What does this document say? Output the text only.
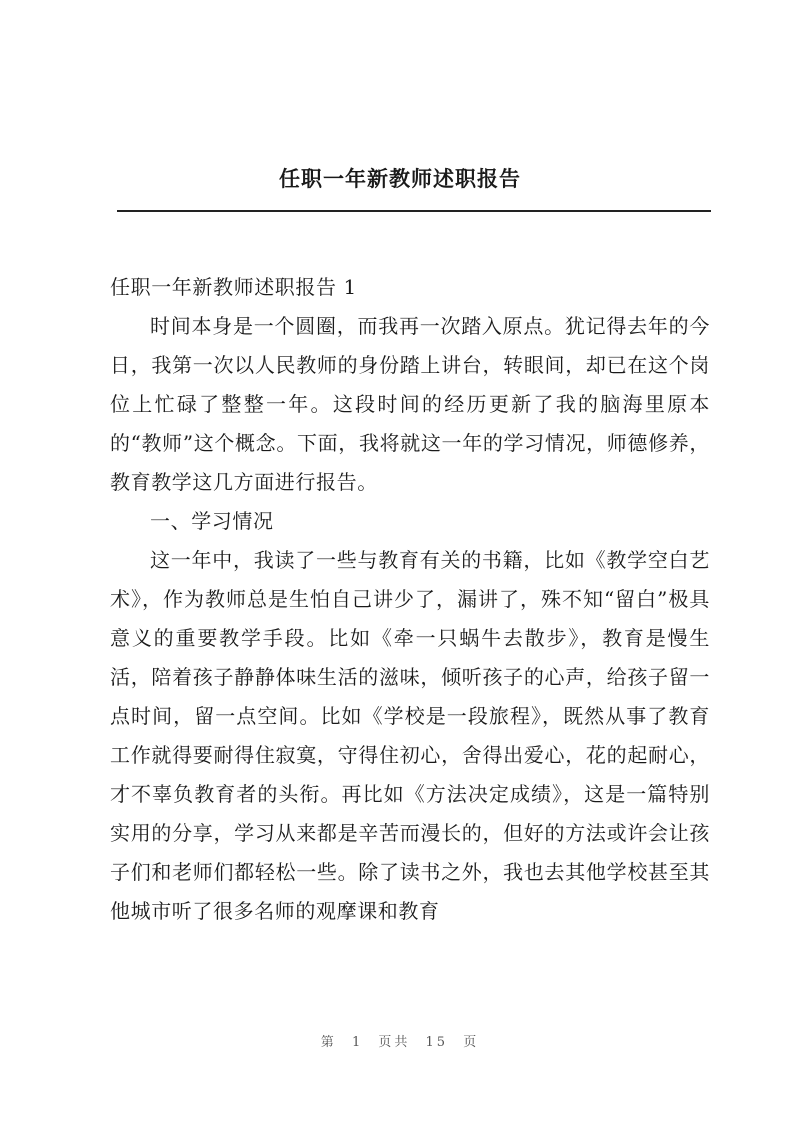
任职一年新教师述职报告

任职一年新教师述职报告 1

时间本身是一个圆圈，而我再一次踏入原点。犹记得去年的今日，我第一次以人民教师的身份踏上讲台，转眼间，却已在这个岗位上忙碌了整整一年。这段时间的经历更新了我的脑海里原本的“教师”这个概念。下面，我将就这一年的学习情况，师德修养，教育教学这几方面进行报告。

一、学习情况

这一年中，我读了一些与教育有关的书籍，比如《教学空白艺术》，作为教师总是生怕自己讲少了，漏讲了，殊不知“留白”极具意义的重要教学手段。比如《牵一只蜗牛去散步》，教育是慢生活，陪着孩子静静体味生活的滋味，倾听孩子的心声，给孩子留一点时间，留一点空间。比如《学校是一段旅程》，既然从事了教育工作就得要耐得住寂寞，守得住初心，舍得出爱心，花的起耐心，才不辜负教育者的头衔。再比如《方法决定成绩》，这是一篇特别实用的分享，学习从来都是辛苦而漫长的，但好的方法或许会让孩子们和老师们都轻松一些。除了读书之外，我也去其他学校甚至其他城市听了很多名师的观摩课和教育

第 1 页共 15 页
